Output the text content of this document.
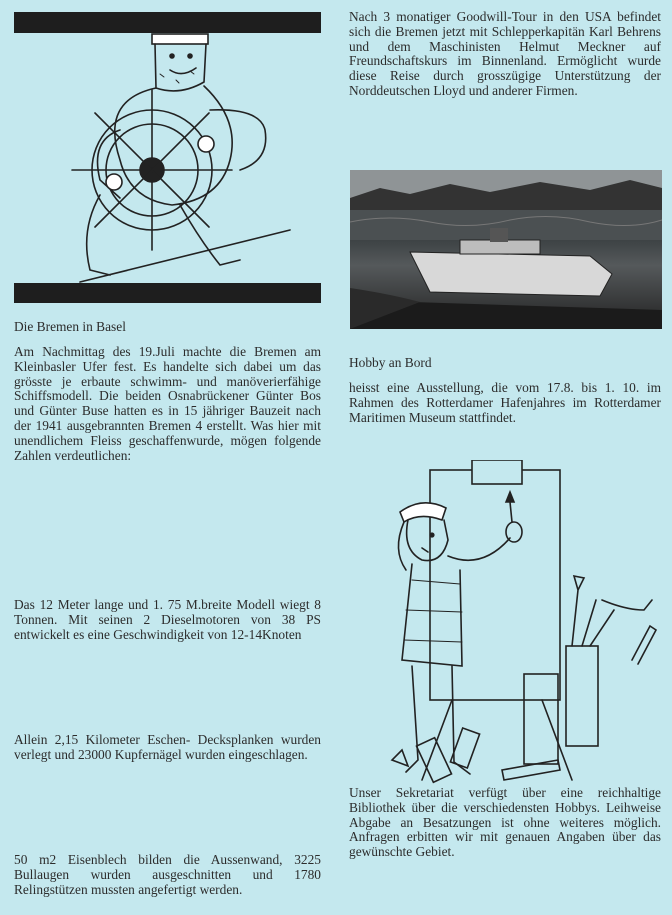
Die Bremen in Basel

Am Nachmittag des 19.Juli machte die Bremen am Kleinbasler Ufer fest. Es handelte sich dabei um das grösste je erbaute schwimm- und manöverierfähige Schiffsmodell. Die beiden Osnabrückener Günter Bos und Günter Buse hatten es in 15 jähriger Bauzeit nach der 1941 ausgebrannten Bremen 4 erstellt. Was hier mit unendlichem Fleiss geschaffenwurde, mögen folgende Zahlen verdeutlichen:

Das 12 Meter lange und 1. 75 M.breite Modell wiegt 8 Tonnen. Mit seinen 2 Dieselmotoren von 38 PS entwickelt es eine Geschwindigkeit von 12-14Knoten

Allein 2,15 Kilometer Eschen- Decksplanken wurden verlegt und 23000 Kupfernägel wurden eingeschlagen.

50 m2 Eisenblech bilden die Aussenwand, 3225 Bullaugen wurden ausgeschnitten und 1780 Relingstützen mussten angefertigt werden.

Nach 3 monatiger Goodwill-Tour in den USA befindet sich die Bremen jetzt mit Schlepperkapitän Karl Behrens und dem Maschinisten Helmut Meckner auf Freundschaftskurs im Binnenland. Ermöglicht wurde diese Reise durch grosszügige Unterstützung der Norddeutschen Lloyd und anderer Firmen.

Hobby an Bord

heisst eine Ausstellung, die vom 17.8. bis 1. 10. im Rahmen des Rotterdamer Hafenjahres im Rotterdamer Maritimen Museum stattfindet.

Unser Sekretariat verfügt über eine reichhaltige Bibliothek über die verschiedensten Hobbys. Leihweise Abgabe an Besatzungen ist ohne weiteres möglich. Anfragen erbitten wir mit genauen Angaben über das gewünschte Gebiet.
